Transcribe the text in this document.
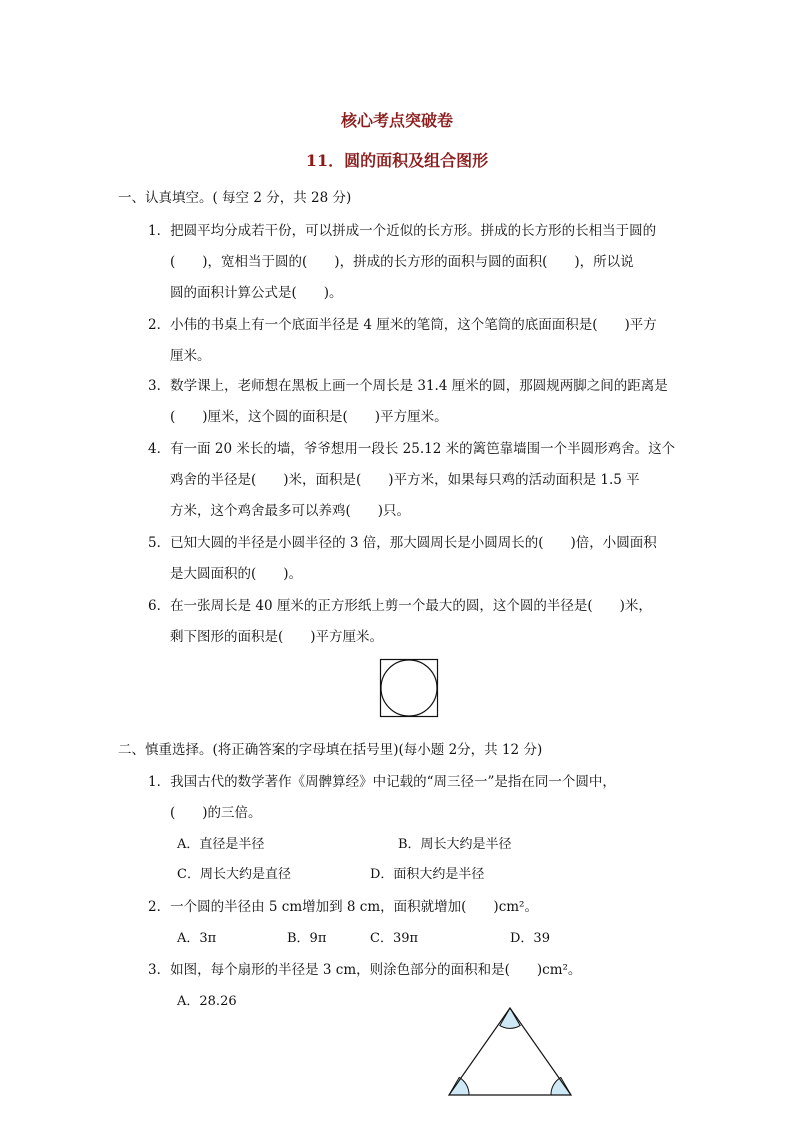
核心考点突破卷
11．圆的面积及组合图形
一、认真填空。( 每空 2 分，共 28 分)
1．把圆平均分成若干份，可以拼成一个近似的长方形。拼成的长方形的长相当于圆的
(　　)，宽相当于圆的(　　)，拼成的长方形的面积与圆的面积(　　)，所以说
圆的面积计算公式是(　　)。
2．小伟的书桌上有一个底面半径是 4 厘米的笔筒，这个笔筒的底面面积是(　　)平方
厘米。
3．数学课上，老师想在黑板上画一个周长是 31.4 厘米的圆，那圆规两脚之间的距离是
(　　)厘米，这个圆的面积是(　　)平方厘米。
4．有一面 20 米长的墙，爷爷想用一段长 25.12 米的篱笆靠墙围一个半圆形鸡舍。这个
鸡舍的半径是(　　)米，面积是(　　)平方米，如果每只鸡的活动面积是 1.5 平
方米，这个鸡舍最多可以养鸡(　　)只。
5．已知大圆的半径是小圆半径的 3 倍，那大圆周长是小圆周长的(　　)倍，小圆面积
是大圆面积的(　　)。
6．在一张周长是 40 厘米的正方形纸上剪一个最大的圆，这个圆的半径是(　　)米，
剩下图形的面积是(　　)平方厘米。
二、慎重选择。(将正确答案的字母填在括号里)(每小题 2分，共 12 分)
1．我国古代的数学著作《周髀算经》中记载的“周三径一”是指在同一个圆中，
(　　)的三倍。
A．直径是半径	B．周长大约是半径
C．周长大约是直径	D．面积大约是半径
2．一个圆的半径由 5 cm增加到 8 cm，面积就增加(　　)cm²。
A．3π	B．9π	C．39π	D．39
3．如图，每个扇形的半径是 3 cm，则涂色部分的面积和是(　　)cm²。
A．28.26
